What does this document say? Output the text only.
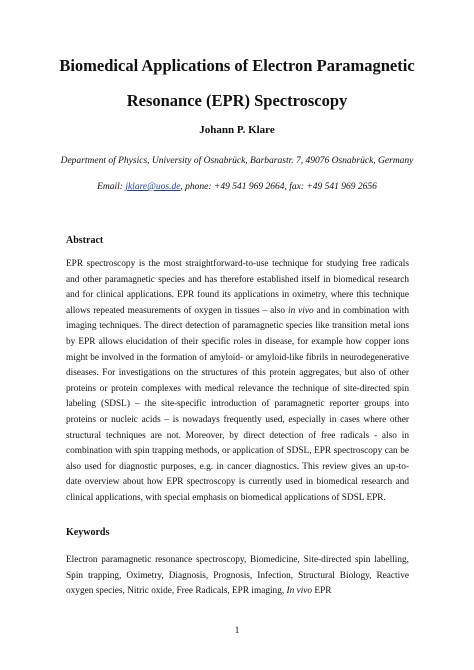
Biomedical Applications of Electron Paramagnetic
Resonance (EPR) Spectroscopy
Johann P. Klare
Department of Physics, University of Osnabrück, Barbarastr. 7, 49076 Osnabrück, Germany
Email: jklare@uos.de, phone: +49 541 969 2664, fax: +49 541 969 2656
Abstract
EPR spectroscopy is the most straightforward-to-use technique for studying free radicals and other paramagnetic species and has therefore established itself in biomedical research and for clinical applications. EPR found its applications in oximetry, where this technique allows repeated measurements of oxygen in tissues – also in vivo and in combination with imaging techniques. The direct detection of paramagnetic species like transition metal ions by EPR allows elucidation of their specific roles in disease, for example how copper ions might be involved in the formation of amyloid- or amyloid-like fibrils in neurodegenerative diseases. For investigations on the structures of this protein aggregates, but also of other proteins or protein complexes with medical relevance the technique of site-directed spin labeling (SDSL) – the site-specific introduction of paramagnetic reporter groups into proteins or nucleic acids – is nowadays frequently used, especially in cases where other structural techniques are not. Moreover, by direct detection of free radicals - also in combination with spin trapping methods, or application of SDSL, EPR spectroscopy can be also used for diagnostic purposes, e.g. in cancer diagnostics. This review gives an up-to-date overview about how EPR spectroscopy is currently used in biomedical research and clinical applications, with special emphasis on biomedical applications of SDSL EPR.
Keywords
Electron paramagnetic resonance spectroscopy, Biomedicine, Site-directed spin labelling, Spin trapping, Oximetry, Diagnosis, Prognosis, Infection, Structural Biology, Reactive oxygen species, Nitric oxide, Free Radicals, EPR imaging, In vivo EPR
1
